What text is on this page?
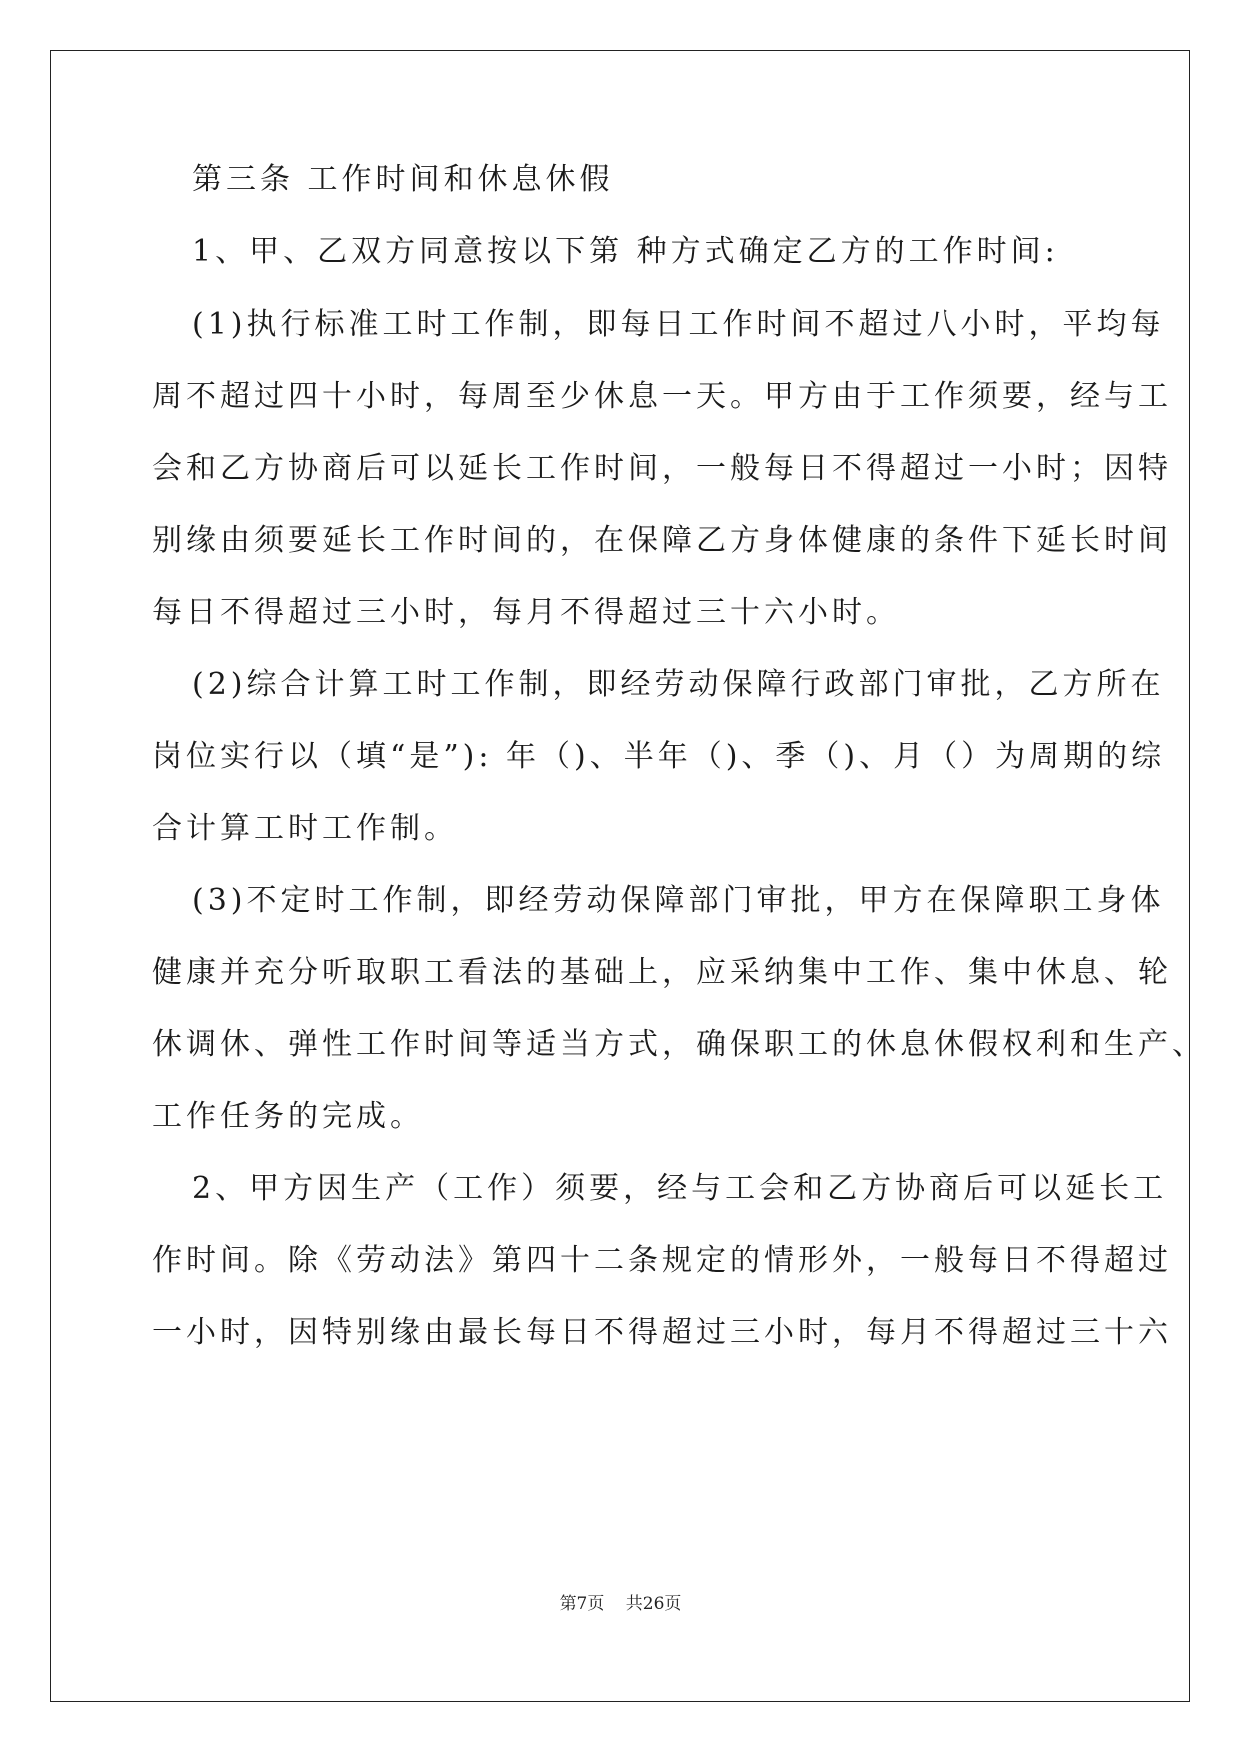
第三条 工作时间和休息休假
1、甲、乙双方同意按以下第 种方式确定乙方的工作时间:
(1)执行标准工时工作制，即每日工作时间不超过八小时，平均每
周不超过四十小时，每周至少休息一天。甲方由于工作须要，经与工
会和乙方协商后可以延长工作时间，一般每日不得超过一小时；因特
别缘由须要延长工作时间的，在保障乙方身体健康的条件下延长时间
每日不得超过三小时，每月不得超过三十六小时。
(2)综合计算工时工作制，即经劳动保障行政部门审批，乙方所在
岗位实行以（填“是”): 年（)、半年（)、季（)、月（）为周期的综
合计算工时工作制。
(3)不定时工作制，即经劳动保障部门审批，甲方在保障职工身体
健康并充分听取职工看法的基础上，应采纳集中工作、集中休息、轮
休调休、弹性工作时间等适当方式，确保职工的休息休假权利和生产、
工作任务的完成。
2、甲方因生产（工作）须要，经与工会和乙方协商后可以延长工
作时间。除《劳动法》第四十二条规定的情形外，一般每日不得超过
一小时，因特别缘由最长每日不得超过三小时，每月不得超过三十六
第7页 共26页
